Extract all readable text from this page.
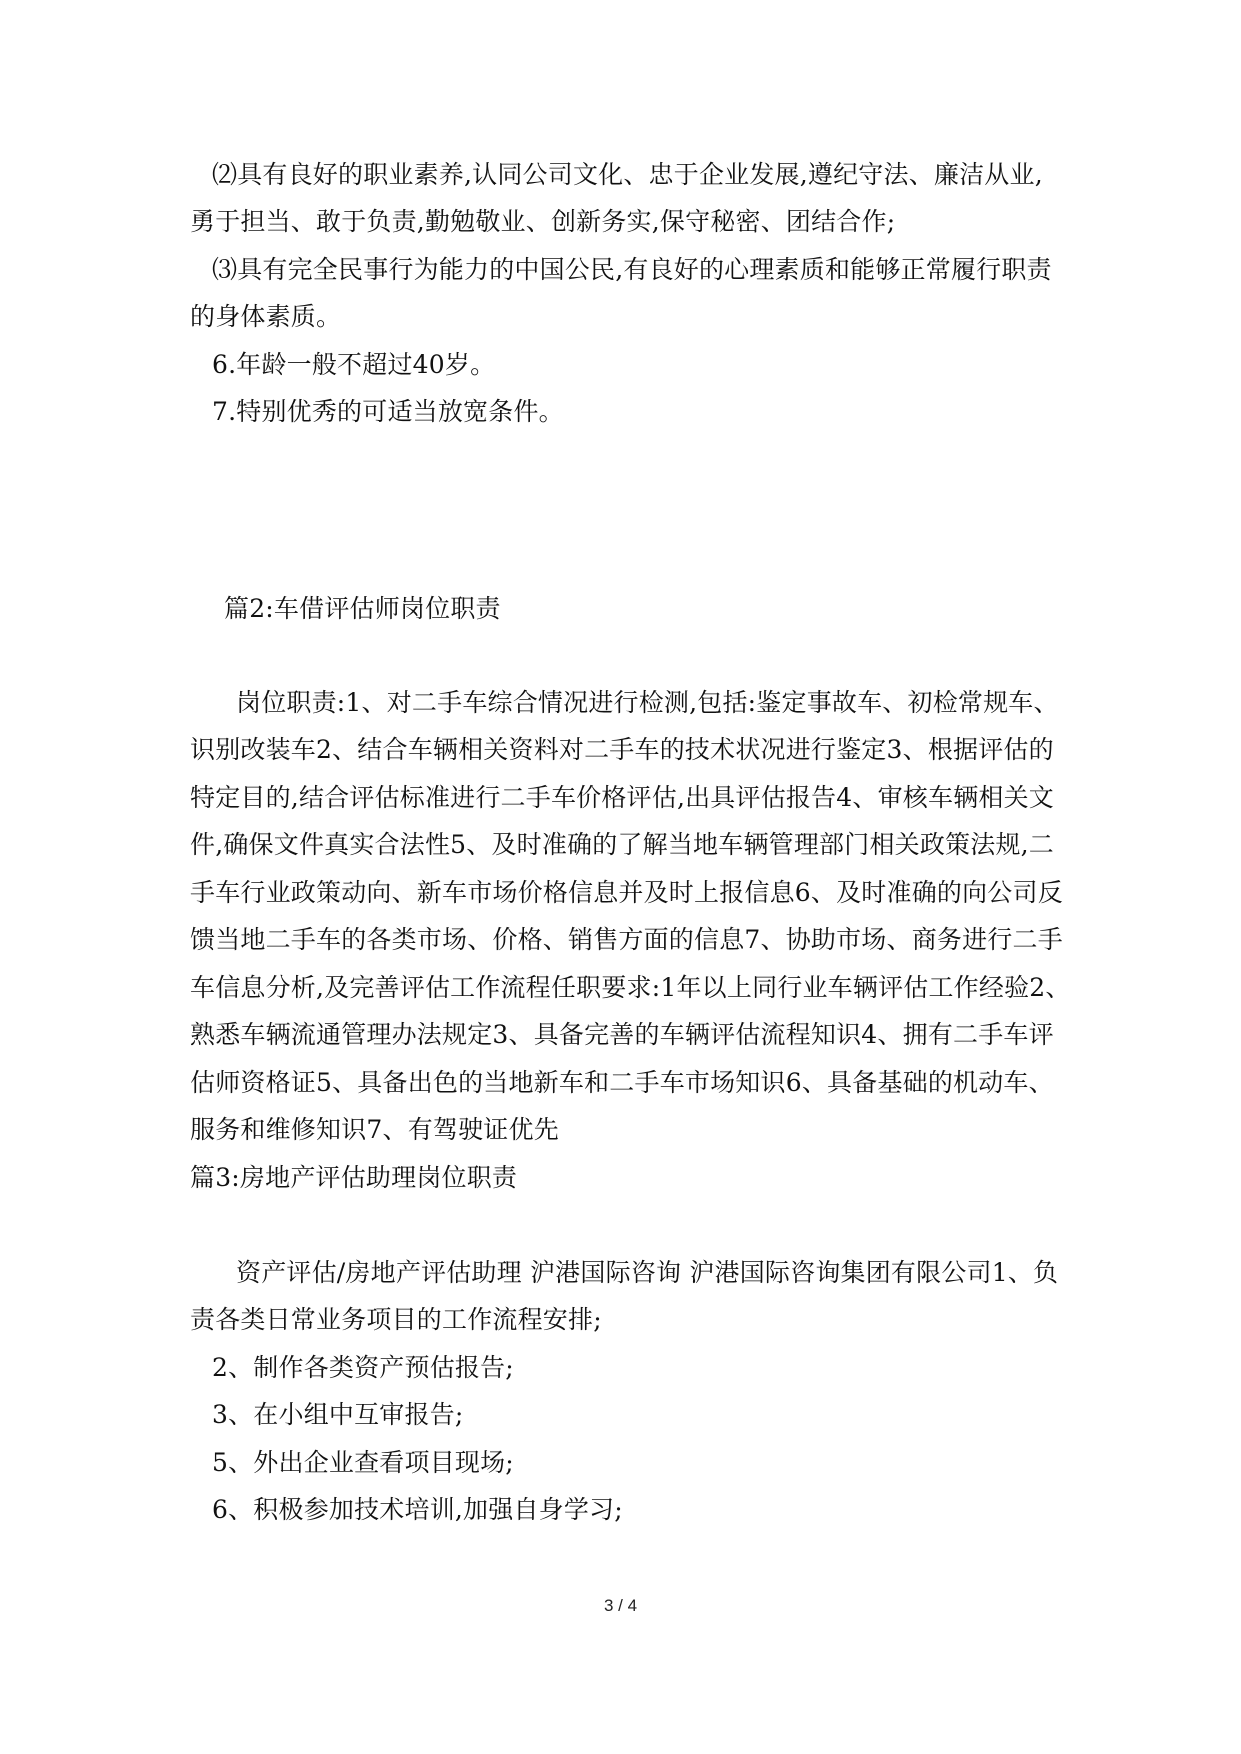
⑵具有良好的职业素养,认同公司文化、忠于企业发展,遵纪守法、廉洁从业,
勇于担当、敢于负责,勤勉敬业、创新务实,保守秘密、团结合作;
⑶具有完全民事行为能力的中国公民,有良好的心理素质和能够正常履行职责
的身体素质。
6.年龄一般不超过40岁。
7.特别优秀的可适当放宽条件。
篇2:车借评估师岗位职责
岗位职责:1、对二手车综合情况进行检测,包括:鉴定事故车、初检常规车、
识别改装车2、结合车辆相关资料对二手车的技术状况进行鉴定3、根据评估的
特定目的,结合评估标准进行二手车价格评估,出具评估报告4、审核车辆相关文
件,确保文件真实合法性5、及时准确的了解当地车辆管理部门相关政策法规,二
手车行业政策动向、新车市场价格信息并及时上报信息6、及时准确的向公司反
馈当地二手车的各类市场、价格、销售方面的信息7、协助市场、商务进行二手
车信息分析,及完善评估工作流程任职要求:1年以上同行业车辆评估工作经验2、
熟悉车辆流通管理办法规定3、具备完善的车辆评估流程知识4、拥有二手车评
估师资格证5、具备出色的当地新车和二手车市场知识6、具备基础的机动车、
服务和维修知识7、有驾驶证优先
篇3:房地产评估助理岗位职责
资产评估/房地产评估助理 沪港国际咨询 沪港国际咨询集团有限公司1、负
责各类日常业务项目的工作流程安排;
2、制作各类资产预估报告;
3、在小组中互审报告;
5、外出企业查看项目现场;
6、积极参加技术培训,加强自身学习;
3 / 4
